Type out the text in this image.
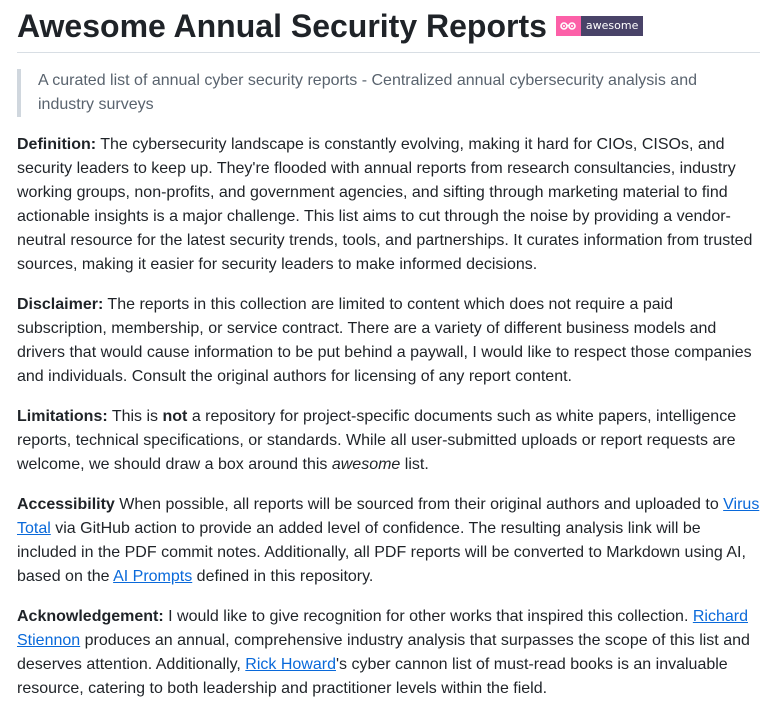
Awesome Annual Security Reports	awesome
A curated list of annual cyber security reports - Centralized annual cybersecurity analysis and industry surveys

Definition: The cybersecurity landscape is constantly evolving, making it hard for CIOs, CISOs, and security leaders to keep up. They're flooded with annual reports from research consultancies, industry working groups, non-profits, and government agencies, and sifting through marketing material to find actionable insights is a major challenge. This list aims to cut through the noise by providing a vendor-neutral resource for the latest security trends, tools, and partnerships. It curates information from trusted sources, making it easier for security leaders to make informed decisions.

Disclaimer: The reports in this collection are limited to content which does not require a paid subscription, membership, or service contract. There are a variety of different business models and drivers that would cause information to be put behind a paywall, I would like to respect those companies and individuals. Consult the original authors for licensing of any report content.

Limitations: This is not a repository for project-specific documents such as white papers, intelligence reports, technical specifications, or standards. While all user-submitted uploads or report requests are welcome, we should draw a box around this awesome list.

Accessibility When possible, all reports will be sourced from their original authors and uploaded to Virus Total via GitHub action to provide an added level of confidence. The resulting analysis link will be included in the PDF commit notes. Additionally, all PDF reports will be converted to Markdown using AI, based on the AI Prompts defined in this repository.

Acknowledgement: I would like to give recognition for other works that inspired this collection. Richard Stiennon produces an annual, comprehensive industry analysis that surpasses the scope of this list and deserves attention. Additionally, Rick Howard's cyber cannon list of must-read books is an invaluable resource, catering to both leadership and practitioner levels within the field.
